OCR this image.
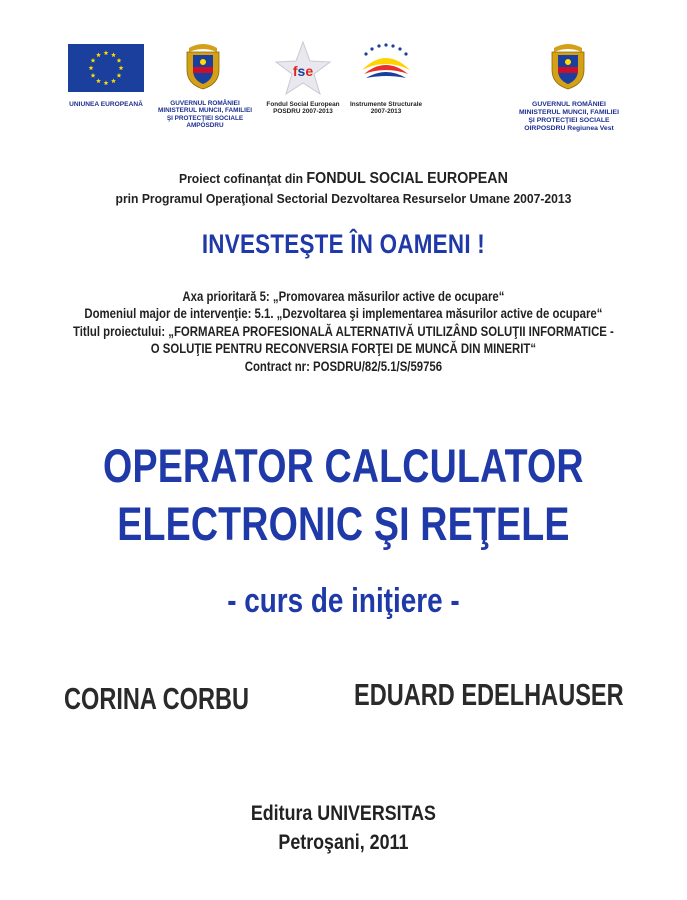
UNIUNEA EUROPEANĂ	GUVERNUL ROMÂNIEI
MINISTERUL MUNCII, FAMILIEI
ŞI PROTECŢIEI SOCIALE
AMPOSDRU
fse
Fondul Social European
POSDRU 2007-2013
Instrumente Structurale
2007-2013
GUVERNUL ROMÂNIEI
MINISTERUL MUNCII, FAMILIEI
ŞI PROTECŢIEI SOCIALE
OIRPOSDRU Regiunea Vest
Proiect cofinanţat din FONDUL SOCIAL EUROPEAN
prin Programul Operaţional Sectorial Dezvoltarea Resurselor Umane 2007-2013
INVESTEŞTE ÎN OAMENI !
Axa prioritară 5: „Promovarea măsurilor active de ocupare“
Domeniul major de intervenţie: 5.1. „Dezvoltarea şi implementarea măsurilor active de ocupare“
Titlul proiectului: „FORMAREA PROFESIONALĂ ALTERNATIVĂ UTILIZÂND SOLUŢII INFORMATICE -
O SOLUŢIE PENTRU RECONVERSIA FORŢEI DE MUNCĂ DIN MINERIT“
Contract nr: POSDRU/82/5.1/S/59756
OPERATOR CALCULATOR
ELECTRONIC ŞI REŢELE
- curs de iniţiere -
CORINA CORBU	EDUARD EDELHAUSER
Editura UNIVERSITAS
Petroşani, 2011
